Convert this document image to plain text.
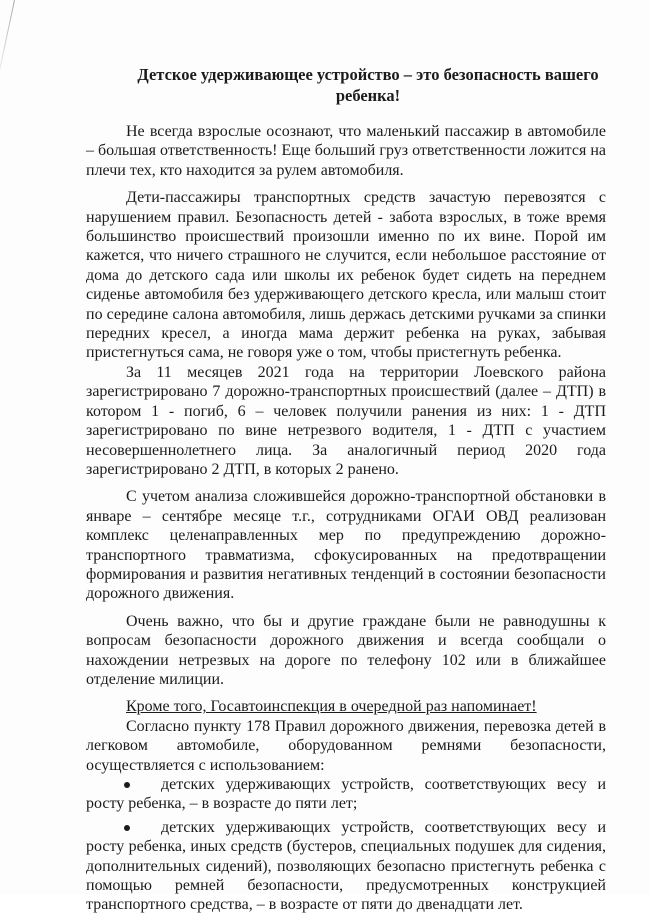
Детское удерживающее устройство – это безопасность вашего ребенка!

Не всегда взрослые осознают, что маленький пассажир в автомобиле – большая ответственность! Еще больший груз ответственности ложится на плечи тех, кто находится за рулем автомобиля.

Дети-пассажиры транспортных средств зачастую перевозятся с нарушением правил. Безопасность детей - забота взрослых, в тоже время большинство происшествий произошли именно по их вине. Порой им кажется, что ничего страшного не случится, если небольшое расстояние от дома до детского сада или школы их ребенок будет сидеть на переднем сиденье автомобиля без удерживающего детского кресла, или малыш стоит по середине салона автомобиля, лишь держась детскими ручками за спинки передних кресел, а иногда мама держит ребенка на руках, забывая пристегнуться сама, не говоря уже о том, чтобы пристегнуть ребенка.

За 11 месяцев 2021 года на территории Лоевского района зарегистрировано 7 дорожно-транспортных происшествий (далее – ДТП) в котором 1 - погиб, 6 – человек получили ранения из них: 1 - ДТП зарегистрировано по вине нетрезвого водителя, 1 - ДТП с участием несовершеннолетнего лица. За аналогичный период 2020 года зарегистрировано 2 ДТП, в которых 2 ранено.

С учетом анализа сложившейся дорожно-транспортной обстановки в январе – сентябре месяце т.г., сотрудниками ОГАИ ОВД реализован комплекс целенаправленных мер по предупреждению дорожно-транспортного травматизма, сфокусированных на предотвращении формирования и развития негативных тенденций в состоянии безопасности дорожного движения.

Очень важно, что бы и другие граждане были не равнодушны к вопросам безопасности дорожного движения и всегда сообщали о нахождении нетрезвых на дороге по телефону 102 или в ближайшее отделение милиции.

Кроме того, Госавтоинспекция в очередной раз напоминает!

Согласно пункту 178 Правил дорожного движения, перевозка детей в легковом автомобиле, оборудованном ремнями безопасности, осуществляется с использованием:

детских удерживающих устройств, соответствующих весу и росту ребенка, – в возрасте до пяти лет;
детских удерживающих устройств, соответствующих весу и росту ребенка, иных средств (бустеров, специальных подушек для сидения, дополнительных сидений), позволяющих безопасно пристегнуть ребенка с помощью ремней безопасности, предусмотренных конструкцией транспортного средства, – в возрасте от пяти до двенадцати лет.
